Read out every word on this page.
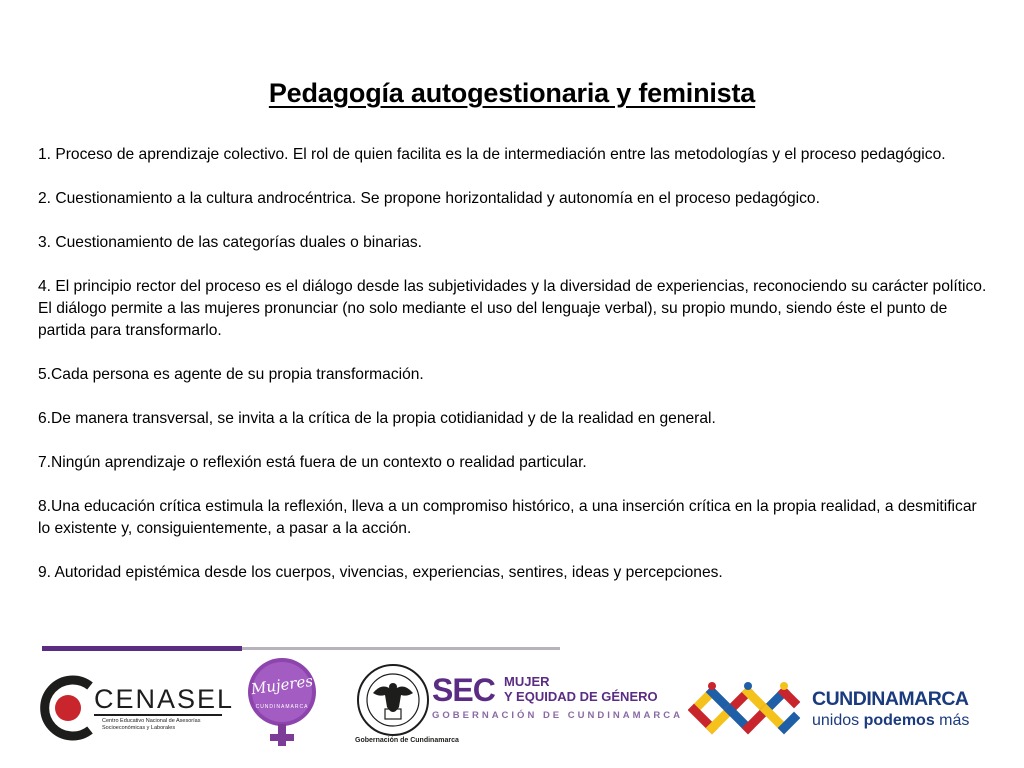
Pedagogía autogestionaria y feminista

1. Proceso de aprendizaje colectivo. El rol de quien facilita es la de intermediación entre las metodologías y el proceso pedagógico.

2. Cuestionamiento a la cultura androcéntrica. Se propone horizontalidad y autonomía en el proceso pedagógico.

3. Cuestionamiento de las categorías duales o binarias.

4. El principio rector del proceso es el diálogo desde las subjetividades y la diversidad de experiencias, reconociendo su carácter político. El diálogo permite a las mujeres pronunciar (no solo mediante el uso del lenguaje verbal), su propio mundo, siendo éste el punto de partida para transformarlo.

5.Cada persona es agente de su propia transformación.

6.De manera transversal, se invita a la crítica de la propia cotidianidad y de la realidad en general.

7.Ningún aprendizaje o reflexión está fuera de un contexto o realidad particular.

8.Una educación crítica estimula la reflexión, lleva a un compromiso histórico, a una inserción crítica en la propia realidad, a desmitificar lo existente y, consiguientemente, a pasar a la acción.

9. Autoridad epistémica desde los cuerpos, vivencias, experiencias, sentires, ideas y percepciones.

CENASEL
Centro Educativo Nacional de Asesorías
Socioeconómicas y Laborales
Mujeres
CUNDINAMARCA
Gobernación de Cundinamarca
SEC MUJER
Y EQUIDAD DE GÉNERO
GOBERNACIÓN DE CUNDINAMARCA
CUNDINAMARCA
unidos podemos más
